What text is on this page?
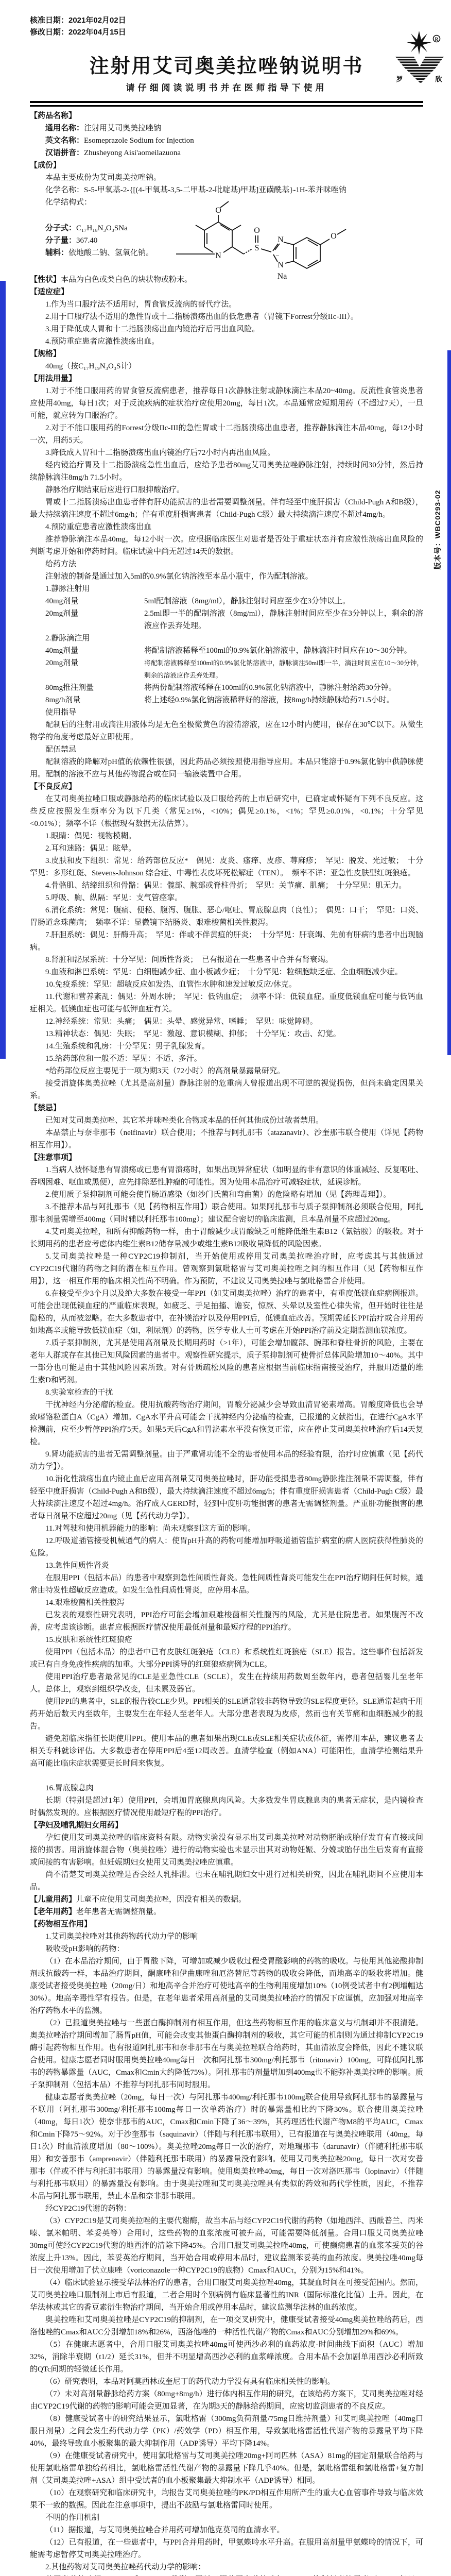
版本号：WBC0293-02
R
罗	欣
核准日期：2021年02月02日
修改日期：2022年04月15日
注射用艾司奥美拉唑钠说明书
请仔细阅读说明书并在医师指导下使用
【药品名称】
通用名称：注射用艾司奥美拉唑钠
英文名称：Esomeprazole Sodium for Injection
汉语拼音：Zhusheyong Aisi'aomeilazuona
【成份】
本品主要成份为艾司奥美拉唑钠。
化学名称：S-5-甲氧基-2-{[(4-甲氧基-3,5-二甲基-2-吡啶基)甲基]亚磺酰基}-1H-苯并咪唑钠
化学结构式：
分子式：C₁₇H₁₈N₃O₃SNa
分子量：367.40
辅料：依地酸二钠、氢氧化钠。	N
O
S
O
N
N
−
Na
O
【性状】本品为白色或类白色的块状物或粉末。
【适应症】
1.作为当口服疗法不适用时，胃食管反流病的替代疗法。
2.用于口服疗法不适用的急性胃或十二指肠溃疡出血的低危患者（胃镜下Forrest分级IIc-III）。
3.用于降低成人胃和十二指肠溃疡出血内镜治疗后再出血风险。
4.预防重症患者应激性溃疡出血。
【规格】
40mg（按C₁₇H₁₉N₃O₃S计）
【用法用量】
1.对于不能口服用药的胃食管反流病患者，推荐每日1次静脉注射或静脉滴注本品20~40mg。反流性食管炎患者应使用40mg，每日1次；对于反流疾病的症状治疗应使用20mg，每日1次。本品通常应短期用药（不超过7天），一旦可能，就应转为口服治疗。
2.对于不能口服用药的Forrest分级IIc-III的急性胃或十二指肠溃疡出血患者，推荐静脉滴注本品40mg，每12小时一次，用药5天。
3.降低成人胃和十二指肠溃疡出血内镜治疗后72小时内再出血风险。
经内镜治疗胃及十二指肠溃疡急性出血后，应给予患者80mg艾司奥美拉唑静脉注射，持续时间30分钟，然后持续静脉滴注8mg/h 71.5小时。
静脉治疗期结束后应进行口服抑酸治疗。
胃或十二指肠溃疡出血患者伴有肝功能损害的患者需要调整剂量。伴有轻至中度肝损害（Child-Pugh A和B级），最大持续滴注速度不超过6mg/h；伴有重度肝损害患者（Child-Pugh C级）最大持续滴注速度不超过4mg/h。
4.预防重症患者应激性溃疡出血
推荐静脉滴注本品40mg，每12小时一次。应根据临床医生对患者是否处于重症状态并有应激性溃疡出血风险的判断考虑开始和停药时间。临床试验中尚无超过14天的数据。
给药方法
注射液的制备是通过加入5ml的0.9%氯化钠溶液至本品小瓶中，作为配制溶液。
1.静脉注射用
40mg剂量	5ml配制溶液（8mg/ml），静脉注射时间应至少在3分钟以上。
20mg剂量	2.5ml即一半的配制溶液（8mg/ml），静脉注射时间应至少在3分钟以上，剩余的溶液应作丢弃处理。
2.静脉滴注用
40mg剂量	将配制溶液稀释至100ml的0.9%氯化钠溶液中，静脉滴注时间应在10～30分钟。
20mg剂量	将配制溶液稀释至100ml的0.9%氯化钠溶液中，静脉滴注50ml即一半，滴注时间应在10～30分钟，剩余的溶液应作丢弃处理。
80mg推注剂量	将两份配制溶液稀释在100ml的0.9%氯化钠溶液中，静脉注射给药30分钟。
8mg/h剂量	将上述经0.9%氯化钠溶液稀释好的溶液，按8mg/h持续静脉给药71.5小时。
使用指导
配制后的注射用或滴注用液体均是无色至极微黄色的澄清溶液，应在12小时内使用，保存在30℃以下。从微生物学的角度考虑最好立即使用。
配伍禁忌
配制溶液的降解对pH值的依赖性很强，因此药品必须按照使用指导应用。本品只能溶于0.9%氯化钠中供静脉使用。配制的溶液不应与其他药物混合或在同一输液装置中合用。
【不良反应】
在艾司奥美拉唑口服或静脉给药的临床试验以及口服给药的上市后研究中，已确定或怀疑有下列不良反应。这些反应按照发生频率分为以下几类（常见≥1%，<10%；偶见≥0.1%，<1%；罕见≥0.01%，<0.1%；十分罕见<0.01%）；频率不详（根据现有数据无法估算）。
1.眼睛：偶见：视物模糊。
2.耳和迷路：偶见：眩晕。
3.皮肤和皮下组织：常见：给药部位反应*　偶见：皮炎、瘙痒、皮疹、荨麻疹；　罕见：脱发、光过敏；　十分罕见：多形红斑、Stevens-Johnson 综合症、中毒性表皮坏死松解症（TEN）。　频率不详：亚急性皮肤型红斑狼疮。
4.骨骼肌、结缔组织和骨骼：偶见：髋部、腕部或脊柱骨折；　罕见：关节痛、肌痛；　十分罕见：肌无力。
5.呼吸、胸、纵隔：罕见：支气管痉挛。
6.消化系统：常见：腹痛、便秘、腹泻、腹胀、恶心/呕吐、胃底腺息肉（良性）；　偶见：口干；　罕见：口炎、胃肠道念珠菌病；　频率不详：显微镜下结肠炎、艰难梭菌相关性腹泻。
7.肝胆系统：偶见：肝酶升高；　罕见：伴或不伴黄疸的肝炎；　十分罕见：肝衰竭、先前有肝病的患者中出现脑病。
8.肾脏和泌尿系统：十分罕见：间质性肾炎；　已有报道在一些患者中合并有肾衰竭。
9.血液和淋巴系统：罕见：白细胞减少症、血小板减少症；　十分罕见：粒细胞缺乏症、全血细胞减少症。
10.免疫系统：罕见：超敏反应如发热、血管性水肿和速发过敏反应/休克。
11.代谢和营养紊乱：偶见：外周水肿；　罕见：低钠血症；　频率不详：低镁血症。重度低镁血症可能与低钙血症相关。低镁血症也可能与低钾血症有关。
12.神经系统：常见：头痛；　偶见：头晕、感觉异常、嗜睡；　罕见：味觉障碍。
13.精神状态：偶见：失眠；　罕见：激越、意识模糊、抑郁；　十分罕见：攻击、幻觉。
14.生殖系统和乳房：十分罕见：男子乳腺发育。
15.给药部位和一般不适：罕见：不适、多汗。
*给药部位反应主要见于一项为期3天（72小时）的高剂量暴露量研究。
接受消旋体奥美拉唑（尤其是高剂量）静脉注射的危重病人曾报道出现不可逆的视觉损伤，但尚未确定因果关系。
【禁忌】
已知对艾司奥美拉唑、其它苯并咪唑类化合物或本品的任何其他成份过敏者禁用。
本品禁止与奈非那韦（nelfinavir）联合使用；不推荐与阿扎那韦（atazanavir）、沙奎那韦联合使用（详见【药物相互作用】）。
【注意事项】
1.当病人被怀疑患有胃溃疡或已患有胃溃疡时，如果出现异常症状（如明显的非有意识的体重减轻、反复呕吐、吞咽困难、呕血或黑便），应先排除恶性肿瘤的可能性。因为使用本品治疗可减轻症状，延误诊断。
2.使用质子泵抑制剂可能会使胃肠道感染（如沙门氏菌和弯曲菌）的危险略有增加（见【药理毒理】）。
3.不推荐本品与阿扎那韦（见【药物相互作用】）联合使用。如果阿扎那韦与质子泵抑制剂必须联合使用，阿扎那韦剂量需增至400mg（同时辅以利托那韦100mg）；建议配合密切的临床监测，且本品剂量不应超过20mg。
4.艾司奥美拉唑，和所有抑酸药物一样，由于胃酸减少或胃酸缺乏可能降低维生素B12（氰钴胺）的吸收。对于长期用药的患者应考虑体内维生素B12储存量减少或维生素B12吸收量降低的风险因素。
5.艾司奥美拉唑是一种CYP2C19抑制剂，当开始使用或停用艾司奥美拉唑治疗时，应考虑其与其他通过CYP2C19代谢的药物之间的潜在相互作用。曾观察到氯吡格雷与艾司奥美拉唑之间的相互作用（见【药物相互作用】），这一相互作用的临床相关性尚不明确。作为预防，不建议艾司奥美拉唑与氯吡格雷合并使用。
6.在接受至少3个月以及绝大多数在接受一年PPI（如艾司奥美拉唑）治疗的患者中，有重度低镁血症病例报道。可能会出现低镁血症的严重临床表现，如疲乏、手足抽搐、谵妄，惊厥、头晕以及室性心律失常，但开始时往往是隐秘的，从而被忽略。在大多数患者中，在补镁治疗以及停用PPI后，低镁血症改善。预期需延长PPI治疗或合并用药如地高辛或能导致低镁血症（如，利尿剂）的药物，医学专业人士可考虑在开始PPI治疗前及定期监测血镁浓度。
7.质子泵抑制剂，尤其是使用高剂量及长期用药时（>1年），可能会增加髋部、腕部和脊柱骨折的风险，主要在老年人群或存在其他已知风险因素的患者中。观察性研究提示，质子泵抑制剂可使骨折总体风险增加10～40%。其中一部分也可能是由于其他风险因素所致。对有骨质疏松风险的患者应根据当前临床指南接受治疗，并服用适量的维生素D和钙剂。
8.实验室检查的干扰
干扰神经内分泌瘤的检查。使用抗酸药物治疗期间，胃酸分泌减少会导致血清胃泌素增高。胃酸度降低也会导致嗜铬粒蛋白A（CgA）增加。CgA水平升高可能会干扰神经内分泌瘤的检查，已报道的文献指出，在进行CgA水平检测前，应至少暂停PPI治疗5天。如果5天后CgA和胃泌素水平没有恢复正常，应在停止艾司奥美拉唑治疗后14天复检。
9.肾功能损害的患者无需调整剂量。由于严重肾功能不全的患者使用本品的经验有限，治疗时应慎重（见【药代动力学】）。
10.消化性溃疡出血内镜止血后应用高剂量艾司奥美拉唑时，肝功能受损患者80mg静脉推注剂量不需调整，伴有轻至中度肝损害（Child-Pugh A和B级），最大持续滴注速度不超过6mg/h；伴有重度肝损害患者（Child-Pugh C级）最大持续滴注速度不超过4mg/h。治疗成人GERD时，轻到中度肝功能损害的患者无需调整剂量。严重肝功能损害的患者每日剂量不应超过20mg（见【药代动力学】）。
11.对驾驶和使用机器能力的影响：尚未观察到这方面的影响。
12.呼吸道插管接受机械通气的病人：使胃pH升高的药物可能增加呼吸道插管监护病室的病人医院获得性肺炎的危险。
13.急性间质性肾炎
在服用PPI（包括本品）的患者中观察到急性间质性肾炎。急性间质性肾炎可能发生在PPI治疗期间任何时候，通常由特发性超敏反应造成。如发生急性间质性肾炎，应停用本品。
14.艰难梭菌相关性腹泻
已发表的观察性研究表明，PPI治疗可能会增加艰难梭菌相关性腹泻的风险，尤其是住院患者。如果腹泻不改善，应考虑该诊断。患者应根据医疗情况使用最低剂量和最短疗程的PPI治疗。
15.皮肤和系统性红斑狼疮
使用PPI（包括本品）的患者中已有皮肤红斑狼疮（CLE）和系统性红斑狼疮（SLE）报告。这些事件包括新发或已有自身免疫性疾病的加重。大部分PPI诱导的红斑狼疮病例为CLE。
使用PPI治疗患者最常见的CLE是亚急性CLE（SCLE），发生在持续用药数周至数年内，患者包括婴儿至老年人。总体上，观察到组织学改变，但未累及器官。
使用PPI的患者中，SLE的报告较CLE少见。PPI相关的SLE通常较非药物导致的SLE程度更轻。SLE通常起病于用药开始后数天内至数年，主要发生在年轻人至老年人。大部分患者表现为皮疹，然而也有关节痛和血细胞减少的报告。
避免超临床指征长期使用PPI。使用本品的患者如果出现CLE或SLE相关症状或体征，需停用本品，建议患者去相关专科就诊评估。大多数患者在停用PPI后4至12周改善。血清学检查（例如ANA）可能阳性，血清学检测结果升高可能比临床症状需要更长时间来恢复。
16.胃底腺息肉
长期（特别是超过1年）使用PPI，会增加胃底腺息肉风险。大多数发生胃底腺息肉的患者无症状，是内镜检查时偶然发现的。应根据医疗情况使用最短疗程的PPI治疗。
【孕妇及哺乳期妇女用药】
孕妇使用艾司奥美拉唑的临床资料有限。动物实验没有显示出艾司奥美拉唑对动物胚胎或胎仔发育有直接或间接的损害。用消旋体混合物（奥美拉唑）进行的动物实验也未显示出其对动物妊娠、分娩或胎仔出生后发育有直接或间接的有害影响。但妊娠期妇女使用艾司奥美拉唑应慎重。
尚不清楚艾司奥美拉唑是否会经人乳排泄。也未在哺乳期妇女中进行过相关研究，因此在哺乳期间不应使用本品。
【儿童用药】儿童不应使用艾司奥美拉唑，因没有相关的数据。
【老年用药】老年患者无需调整剂量。
【药物相互作用】
1.艾司奥美拉唑对其他药物药代动力学的影响
吸收受pH影响的药物：
（1）在本品治疗期间，由于胃酸下降，可增加或减少吸收过程受胃酸影响的药物的吸收。与使用其他泌酸抑制剂或抗酸药一样，本品治疗期间，酮康唑和伊曲康唑和厄洛替尼等药物的吸收会降低，而地高辛的吸收将增加。健康受试者接受奥美拉唑（20mg/日）和地高辛合并治疗可使地高辛的生物利用度增加10%（10例受试者中有2例增幅达30%）。地高辛毒性罕有报告。但是，在老年患者采用高剂量的艾司奥美拉唑治疗的情况下应谨慎，应加强对地高辛治疗药物水平的监测。
（2）已报道奥美拉唑与一些蛋白酶抑制剂有相互作用，但这些药物相互作用的临床意义与机制却并不很清楚。奥美拉唑治疗期间增加了肠胃pH值，可能会改变其他蛋白酶抑制剂的吸收，其它可能的机制则为通过抑制CYP2C19酶引起药物相互作用。也有报道阿扎那韦和奈非那韦在与奥美拉唑联合给药时，其血清浓度会降低，因此不建议联合使用。健康志愿者同时服用奥美拉唑40mg每日一次和阿扎那韦300mg/利托那韦（ritonavir）100mg，可降低阿扎那韦的药物暴露量（AUC，Cmax和Cmin大约降低75%）。阿扎那韦的剂量增加到400mg也不能弥补奥美拉唑的影响。质子泵抑制剂（包括本品）不推荐与阿扎那韦同时服用。
健康志愿者奥美拉唑（20mg，每日一次）与阿扎那韦400mg/利托那韦100mg联合使用导致阿扎那韦的暴露量与不联用（阿扎那韦300mg/利托那韦100mg每日一次单药治疗）时的暴露量相比约下降30%。联合使用奥美拉唑（40mg，每日1次）使奈非那韦的AUC，Cmax和Cmin下降了36～39%，其药理活性代谢产物M8的平均AUC，Cmax和Cmin下降75～92%。对于沙奎那韦（saquinavir）（伴随与利托那韦联用），已有报道在与奥美拉唑联用（40mg，每日1次）时血清浓度增加（80～100%）。奥美拉唑20mg每日一次的治疗，对地瑞那韦（darunavir）（伴随利托那韦联用）和安普那韦（amprenavir）（伴随利托那韦联用）的暴露量没有影响。使用艾司奥美拉唑20mg，每日一次对安普那韦（伴或不伴与利托那韦联用）的暴露量没有影响。使用奥美拉唑40mg，每日一次对洛匹那韦（lopinavir）（伴随与利托那韦联用）的暴露量没有影响。由于奥美拉唑和艾司奥美拉唑具有类似的药效和药代学性质，因此，不推荐本品与阿扎那韦联用，禁止本品和奈非那韦联用。
经CYP2C19代谢的药物：
（3）CYP2C19是艾司奥美拉唑的主要代谢酶，故当本品与经CYP2C19代谢的药物（如地西泮、西酞普兰、丙米嗪、氯米帕明、苯妥英等）合用时，这些药物的血浆浓度可被升高，可能需要降低剂量。合用口服艾司奥美拉唑30mg可使经CYP2C19代谢的地西泮的清除下降45%。合用口服艾司奥美拉唑40mg，可使癫痫患者的血浆苯妥英的谷浓度上升13%。因此，苯妥英治疗期间，当开始合用或停用本品时，建议监测苯妥英的血药浓度。奥美拉唑40mg每日一次使用增加了伏立康唑（voriconazole一种CYP2C19的底物）Cmax和AUCτ，分别为15%和41%。
（4）临床试验显示接受华法林治疗的患者，合用口服艾司奥美拉唑40mg，其凝血时间在可接受范围内。然而，艾司奥美拉唑口服制剂上市后有报道，二者合用时个别病例有临床显著性的INR（国际标准化比值）上升。因此，在华法林或其它的香豆素衍生物治疗期间，当开始合用或停用本品时，建议监测华法林的血药浓度。
奥美拉唑和艾司奥美拉唑是CYP2C19的抑制剂，在一项交叉研究中，健康受试者接受40mg奥美拉唑给药后，西洛他唑的Cmax和AUC分别增加18%和26%，西洛他唑的一种活性代谢产物的Cmax和AUC分别增加29%和69%。
（5）在健康志愿者中，合用口服艾司奥美拉唑40mg可使西沙必利的血药浓度-时间曲线下面积（AUC）增加32%，消除半衰期（t1/2）延长31%，但并不明显增高西沙必利的血浆峰浓度。合用本品不会加剧单用西沙必利所致的QTc间期的轻微延长作用。
（6）研究表明，本品对阿莫西林或奎尼丁的药代动力学没有具有临床相关性的影响。
（7）未对高剂量静脉给药方案（80mg+8mg/h）进行体内相互作用的研究，在该给药方案下，艾司奥美拉唑对经由CYP2C19代谢的药物的影响可能会更加显著，在为期3天的静脉给药期间，应密切监测患者的不良反应。
（8）健康受试者中的研究结果显示，氯吡格雷（300mg负荷剂量/75mg日维持剂量）和艾司奥美拉唑（40mg口服日剂量）之间会发生药代动力学（PK）/药效学（PD）相互作用，导致氯吡格雷活性代谢产物的暴露量平均下降40%，最终导致血小板聚集的最大抑制作用（ADP诱导）平均下降14%。
（9）在健康受试者研究中，使用氯吡格雷与艾司奥美拉唑20mg+阿司匹林（ASA）81mg的固定剂量联合给药与使用氯吡格雷单独给药相比，氯吡格雷活性代谢产物的暴露量下降几乎40%。但是，氯吡格雷组和氯吡格雷+复方制剂（艾司奥美拉唑+ASA）组中受试者的血小板聚集最大抑制水平（ADP诱导）相同。
（10）在观察研究和临床研究中，均报告艾司奥美拉唑的PK/PD相互作用所产生的重大心血管事件导致与临床效果不一致的数据。因此在注意事项中，提出不鼓励与氯吡格雷同时使用。
不明的作用机制
（11）据报道，与艾司奥美拉唑合并用药可增加他克莫司的血清水平。
（12）已有报道，在一些患者中，与PPI合并用药时，甲氨蝶呤水平升高。在服用高剂量甲氨蝶呤的情况下，可能需考虑暂停艾司奥美拉唑治疗。
2.其他药物对艾司奥美拉唑药代动力学的影响：
